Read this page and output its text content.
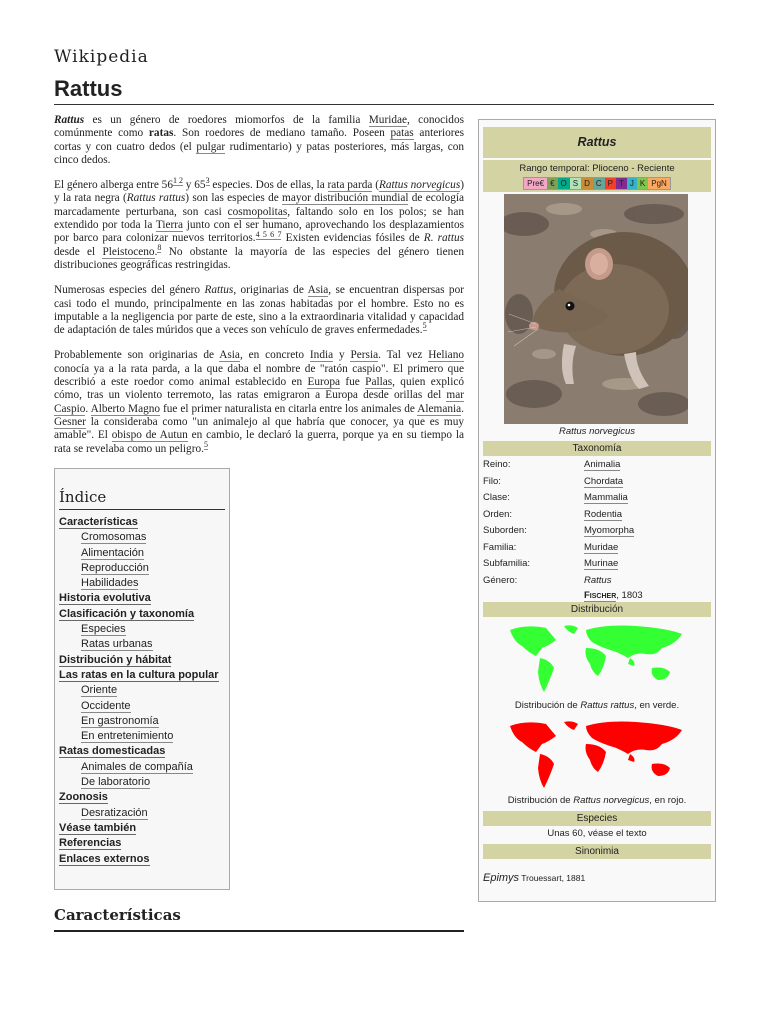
Wikipedia
Rattus

Rattus es un género de roedores miomorfos de la familia Muridae, conocidos comúnmente como ratas. Son roedores de mediano tamaño. Poseen patas anteriores cortas y con cuatro dedos (el pulgar rudimentario) y patas posteriores, más largas, con cinco dedos.

El género alberga entre $56^{1 2}$ y $65^3$ especies. Dos de ellas, la rata parda (Rattus norvegicus) y la rata negra (Rattus rattus) son las especies de mayor distribución mundial de ecología marcadamente perturbana, son casi cosmopolitas, faltando solo en los polos; se han extendido por toda la Tierra junto con el ser humano, aprovechando los desplazamientos por barco para colonizar nuevos territorios.$^{4 5 6 7}$ Existen evidencias fósiles de R. rattus desde el Pleistoceno.$^8$ No obstante la mayoría de las especies del género tienen distribuciones geográficas restringidas.

Numerosas especies del género Rattus, originarias de Asia, se encuentran dispersas por casi todo el mundo, principalmente en las zonas habitadas por el hombre. Esto no es imputable a la negligencia por parte de este, sino a la extraordinaria vitalidad y capacidad de adaptación de tales múridos que a veces son vehículo de graves enfermedades.$^5$

Probablemente son originarias de Asia, en concreto India y Persia. Tal vez Heliano conocía ya a la rata parda, a la que daba el nombre de "ratón caspio". El primero que describió a este roedor como animal establecido en Europa fue Pallas, quien explicó cómo, tras un violento terremoto, las ratas emigraron a Europa desde orillas del mar Caspio. Alberto Magno fue el primer naturalista en citarla entre los animales de Alemania. Gesner la consideraba como "un animalejo al que habría que conocer, ya que es muy amable". El obispo de Autun en cambio, le declaró la guerra, porque ya en su tiempo la rata se revelaba como un peligro.$^5$

Índice
Características
Cromosomas
Alimentación
Reproducción
Habilidades
Historia evolutiva
Clasificación y taxonomía
Especies
Ratas urbanas
Distribución y hábitat
Las ratas en la cultura popular
Oriente
Occidente
En gastronomía
En entretenimiento
Ratas domesticadas
Animales de compañía
De laboratorio
Zoonosis
Desratización
Véase también
Referencias
Enlaces externos
Características
Rattus
Rango temporal: Plioceno - Reciente
Pre€ € O S D C P T J K PgN
Rattus norvegicus
Taxonomía
Reino:	Animalia
Filo:	Chordata
Clase:	Mammalia
Orden:	Rodentia
Suborden:	Myomorpha
Familia:	Muridae
Subfamilia:	Murinae
Género:	Rattus
Fischer, 1803
Distribución
Distribución de Rattus rattus, en verde.
Distribución de Rattus norvegicus, en rojo.
Especies
Unas 60, véase el texto
Sinonimia
Epimys Trouessart, 1881
